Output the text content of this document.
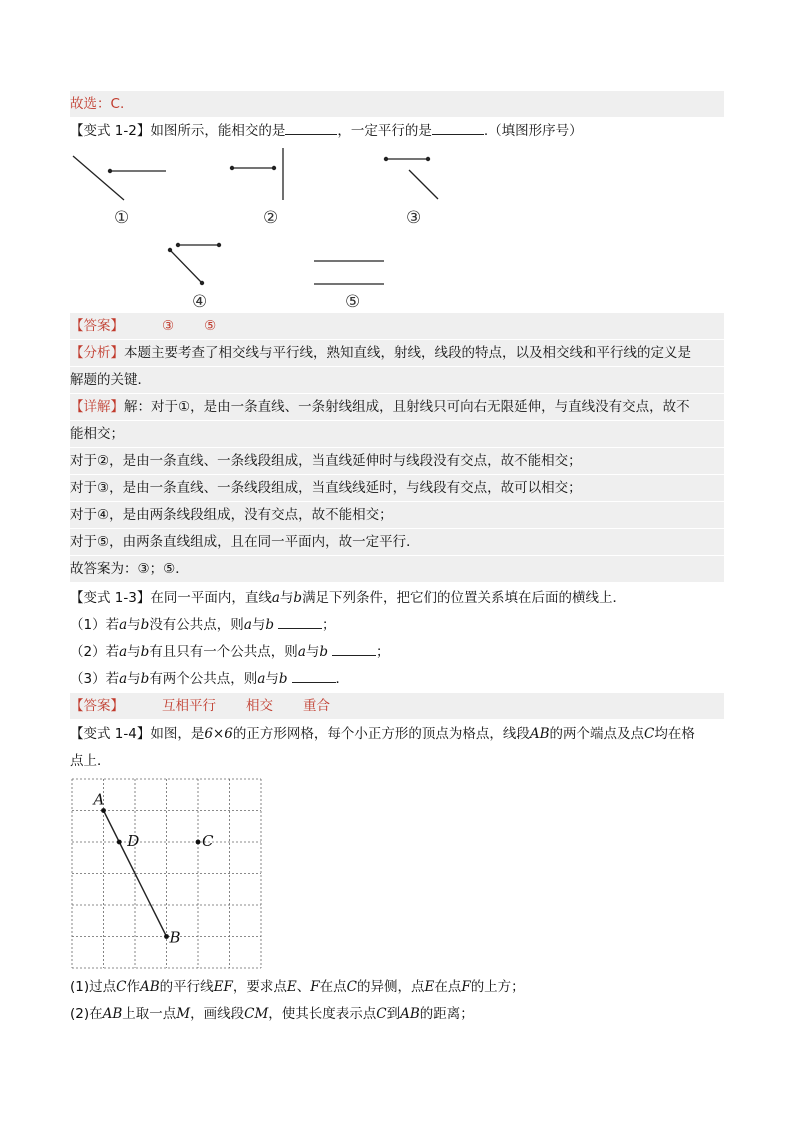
故选：C.
【变式 1-2】如图所示，能相交的是	，一定平行的是	.（填图形序号）
①	②	③
④	⑤
【答案】	③ ⑤
【分析】本题主要考查了相交线与平行线，熟知直线，射线，线段的特点，以及相交线和平行线的定义是
解题的关键．
【详解】解：对于①，是由一条直线、一条射线组成，且射线只可向右无限延伸，与直线没有交点，故不
能相交；
对于②，是由一条直线、一条线段组成，当直线延伸时与线段没有交点，故不能相交；
对于③，是由一条直线、一条线段组成，当直线线延时，与线段有交点，故可以相交；
对于④，是由两条线段组成，没有交点，故不能相交；
对于⑤，由两条直线组成，且在同一平面内，故一定平行．
故答案为：③；⑤．
【变式 1-3】在同一平面内，直线a与b满足下列条件，把它们的位置关系填在后面的横线上．
（1）若a与b没有公共点，则a与b	；
（2）若a与b有且只有一个公共点，则a与b	；
（3）若a与b有两个公共点，则a与b	．
【答案】	互相平行 相交 重合
【变式 1-4】如图，是6×6的正方形网格，每个小正方形的顶点为格点，线段AB的两个端点及点C均在格
点上．
A
B
C
D
(1)过点C作AB的平行线EF，要求点E、F在点C的异侧，点E在点F的上方；
(2)在AB上取一点M，画线段CM，使其长度表示点C到AB的距离；
